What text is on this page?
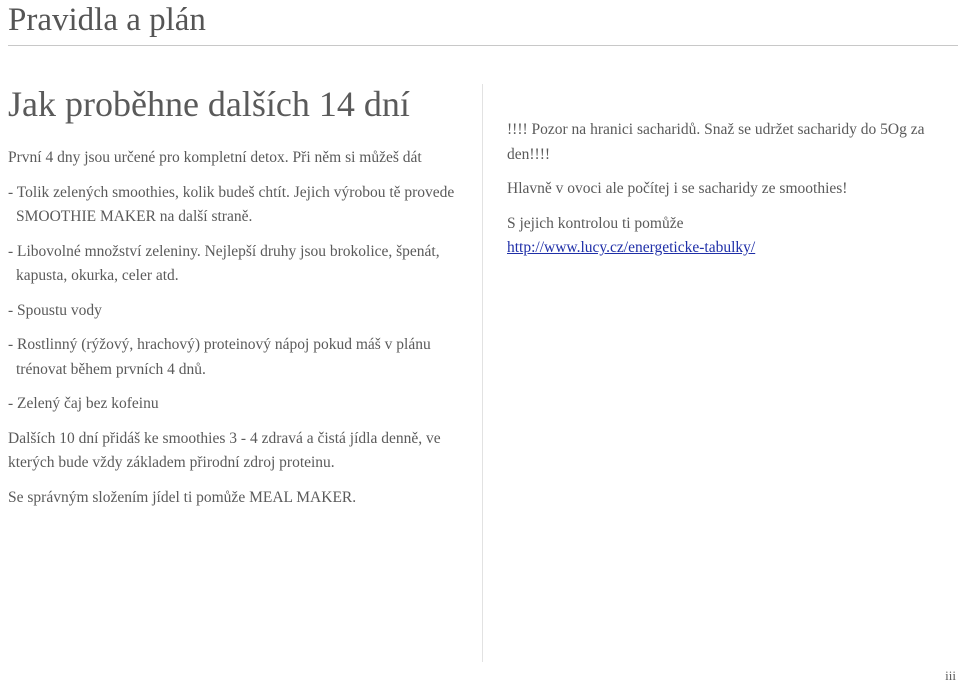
Pravidla a plán
Jak proběhne dalších 14 dní

První 4 dny jsou určené pro kompletní detox. Při něm si můžeš dát

- Tolik zelených smoothies, kolik budeš chtít. Jejich výrobou tě provede SMOOTHIE MAKER na další straně.

- Libovolné množství zeleniny. Nejlepší druhy jsou brokolice, špenát, kapusta, okurka, celer atd.

- Spoustu vody

- Rostlinný (rýžový, hrachový) proteinový nápoj pokud máš v plánu trénovat během prvních 4 dnů.

- Zelený čaj bez kofeinu

Dalších 10 dní přidáš ke smoothies 3 - 4 zdravá a čistá jídla denně, ve kterých bude vždy základem přirodní zdroj proteinu.

Se správným složením jídel ti pomůže MEAL MAKER.

!!!! Pozor na hranici sacharidů. Snaž se udržet sacharidy do 5Og za den!!!!

Hlavně v ovoci ale počítej i se sacharidy ze smoothies!

S jejich kontrolou ti pomůže
http://www.lucy.cz/energeticke-tabulky/

iii
